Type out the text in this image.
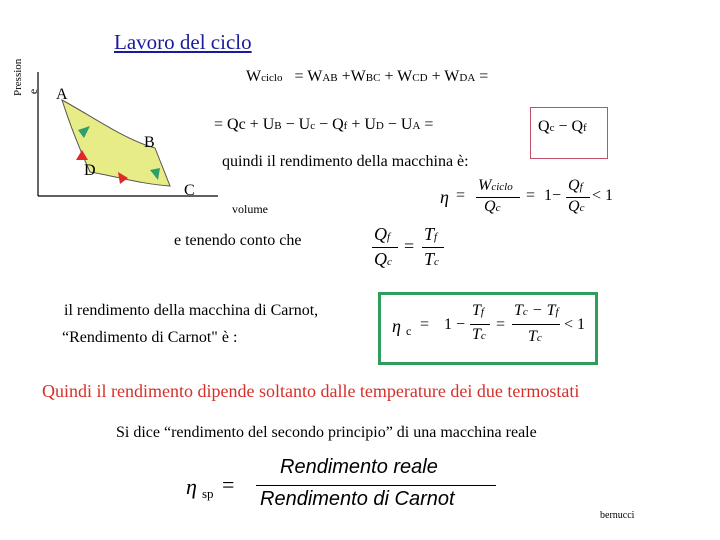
Lavoro del ciclo
Pression e A
B
C
D
volume
Wciclo = WAB +WBC + WCD + WDA =
= Qc + UB − Uc − Qf + UD − UA =	Qc − Qf
quindi il rendimento della macchina è:
η =
Wciclo
Qc
= 1−
Qf
Qc
< 1
e tenendo conto che	Qf
Qc
=
Tf
Tc
il rendimento della macchina di Carnot,
“Rendimento di Carnot" è :
η c = 1 −
Tf
Tc
=
Tc − Tf
Tc
< 1
Quindi il rendimento dipende soltanto dalle temperature dei due termostati
Si dice “rendimento del secondo principio” di una macchina reale
η sp =
Rendimento reale
Rendimento di Carnot
bernucci
